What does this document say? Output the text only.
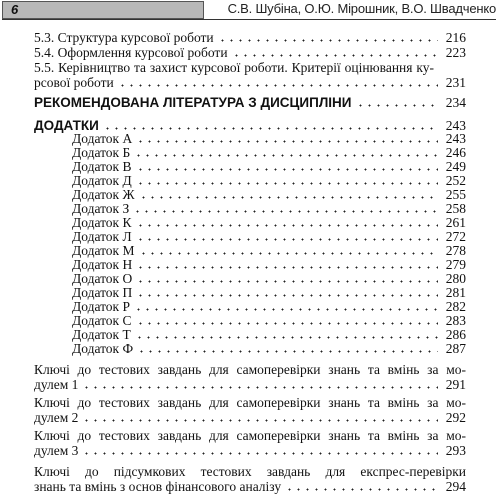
6	С.В. Шубіна, О.Ю. Мірошник, В.О. Швадченко
5.3. Структура курсової роботи	216
5.4. Оформлення курсової роботи	223
5.5. Керівництво та захист курсової роботи. Критерії оцінювання ку-
рсової роботи	231
РЕКОМЕНДОВАНА ЛІТЕРАТУРА З ДИСЦИПЛІНИ	234
ДОДАТКИ	243
Додаток А	243
Додаток Б	246
Додаток В	249
Додаток Д	252
Додаток Ж	255
Додаток З	258
Додаток К	261
Додаток Л	272
Додаток М	278
Додаток Н	279
Додаток О	280
Додаток П	281
Додаток Р	282
Додаток С	283
Додаток Т	286
Додаток Ф	287
Ключі до тестових завдань для самоперевірки знань та вмінь за мо-
дулем 1	291
Ключі до тестових завдань для самоперевірки знань та вмінь за мо-
дулем 2	292
Ключі до тестових завдань для самоперевірки знань та вмінь за мо-
дулем 3	293
Ключі до підсумкових тестових завдань для експрес-перевірки
знань та вмінь з основ фінансового аналізу	294
